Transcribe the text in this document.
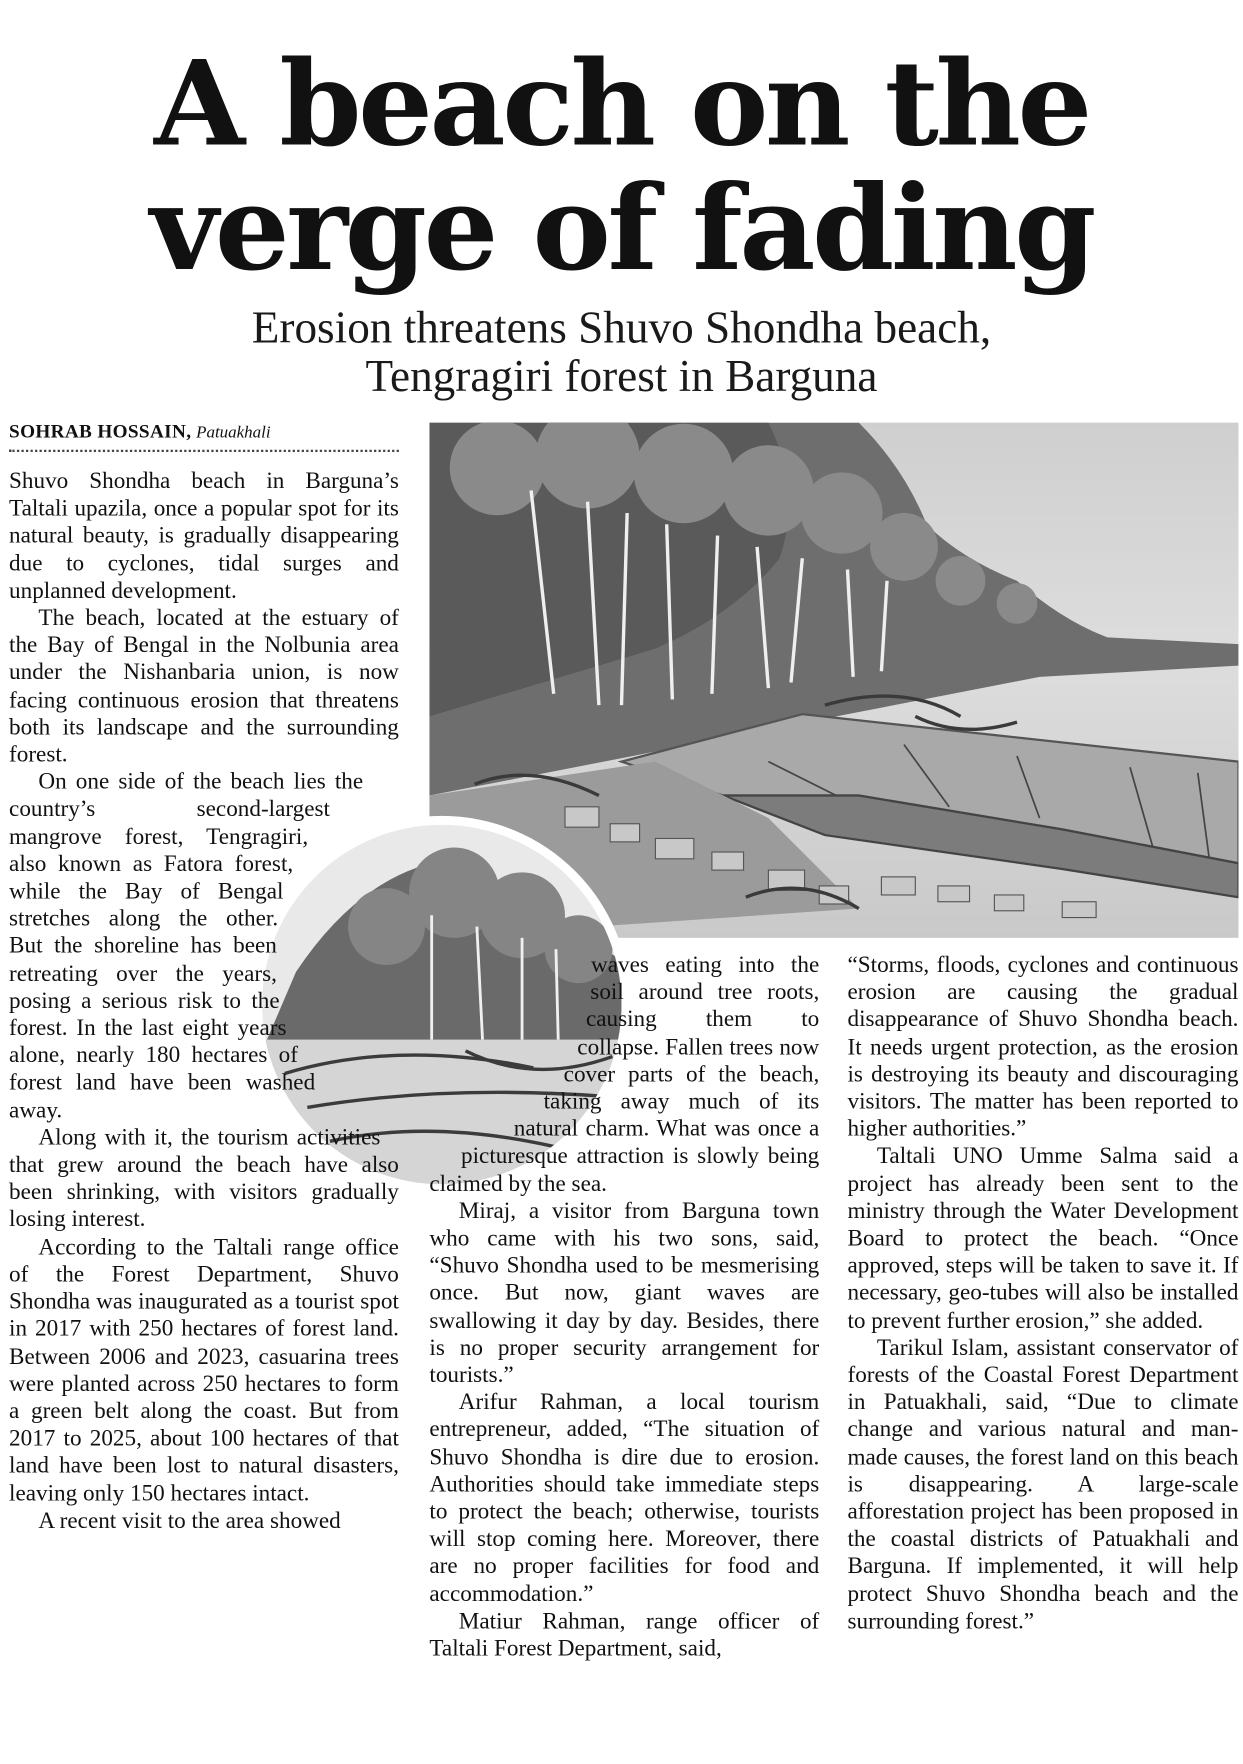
A beach on the
verge of fading
Erosion threatens Shuvo Shondha beach,
Tengragiri forest in Barguna
SOHRAB HOSSAIN, Patuakhali

Shuvo Shondha beach in Barguna’s Taltali upazila, once a popular spot for its natural beauty, is gradually disappearing due to cyclones, tidal surges and unplanned development.

The beach, located at the estuary of the Bay of Bengal in the Nolbunia area under the Nishanbaria union, is now facing continuous erosion that threatens both its landscape and the surrounding forest.

On one side of the beach lies the country’s second-largest mangrove forest, Tengragiri, also known as Fatora forest, while the Bay of Bengal stretches along the other. But the shoreline has been retreating over the years, posing a serious risk to the forest. In the last eight years alone, nearly 180 hectares of forest land have been washed away.

Along with it, the tourism activities that grew around the beach have also been shrinking, with visitors gradually losing interest.

According to the Taltali range office of the Forest Department, Shuvo Shondha was inaugurated as a tourist spot in 2017 with 250 hectares of forest land. Between 2006 and 2023, casuarina trees were planted across 250 hectares to form a green belt along the coast. But from 2017 to 2025, about 100 hectares of that land have been lost to natural disasters, leaving only 150 hectares intact.

A recent visit to the area showed

waves eating into the soil around tree roots, causing them to collapse. Fallen trees now cover parts of the beach, taking away much of its natural charm. What was once a picturesque attraction is slowly being claimed by the sea.

Miraj, a visitor from Barguna town who came with his two sons, said, “Shuvo Shondha used to be mesmerising once. But now, giant waves are swallowing it day by day. Besides, there is no proper security arrangement for tourists.”

Arifur Rahman, a local tourism entrepreneur, added, “The situation of Shuvo Shondha is dire due to erosion. Authorities should take immediate steps to protect the beach; otherwise, tourists will stop coming here. Moreover, there are no proper facilities for food and accommodation.”

Matiur Rahman, range officer of Taltali Forest Department, said,

“Storms, floods, cyclones and continuous erosion are causing the gradual disappearance of Shuvo Shondha beach. It needs urgent protection, as the erosion is destroying its beauty and discouraging visitors. The matter has been reported to higher authorities.”

Taltali UNO Umme Salma said a project has already been sent to the ministry through the Water Development Board to protect the beach. “Once approved, steps will be taken to save it. If necessary, geo-tubes will also be installed to prevent further erosion,” she added.

Tarikul Islam, assistant conservator of forests of the Coastal Forest Department in Patuakhali, said, “Due to climate change and various natural and man-made causes, the forest land on this beach is disappearing. A large-scale afforestation project has been proposed in the coastal districts of Patuakhali and Barguna. If implemented, it will help protect Shuvo Shondha beach and the surrounding forest.”
